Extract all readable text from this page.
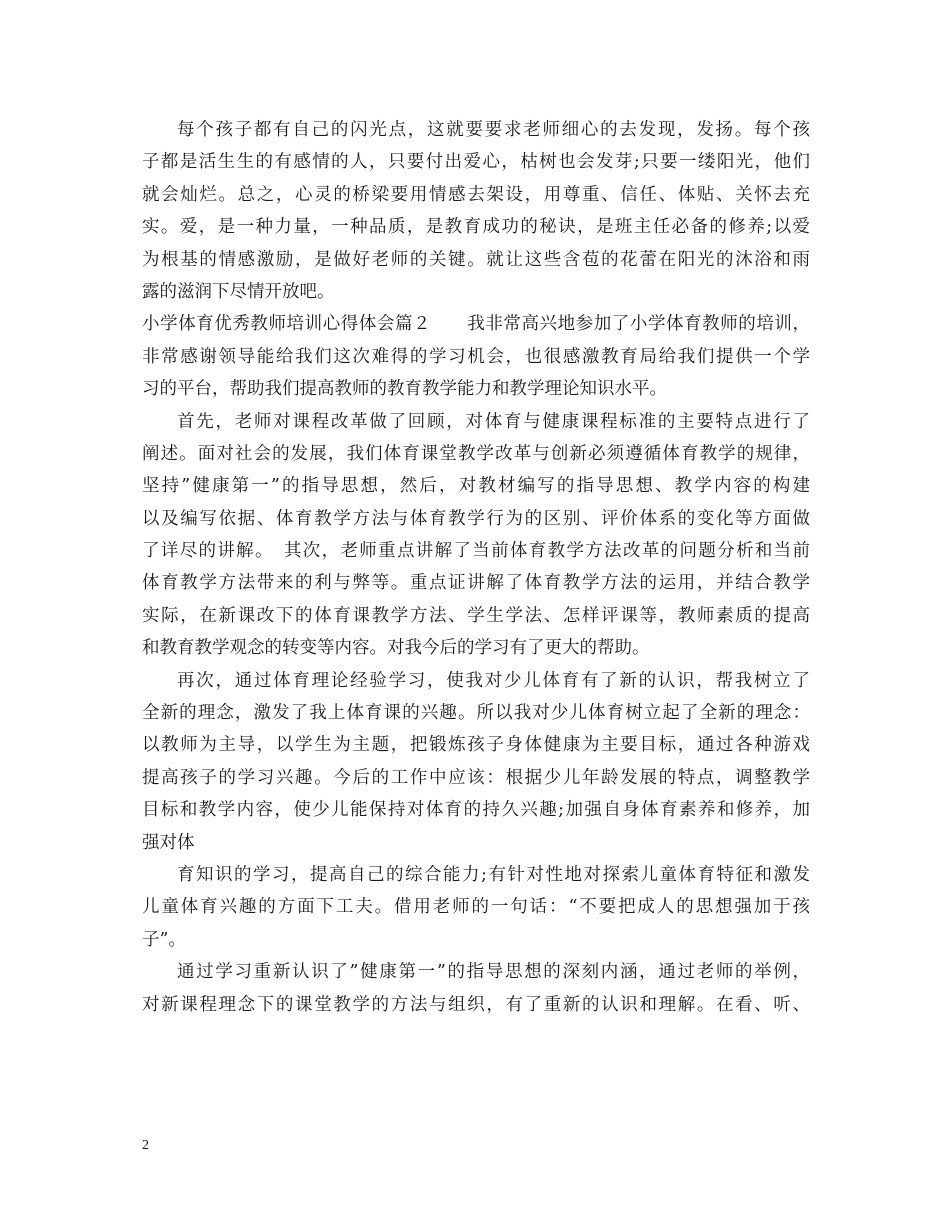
每个孩子都有自己的闪光点，这就要要求老师细心的去发现，发扬。每个孩
子都是活生生的有感情的人，只要付出爱心，枯树也会发芽;只要一缕阳光，他们
就会灿烂。总之，心灵的桥梁要用情感去架设，用尊重、信任、体贴、关怀去充
实。爱，是一种力量，一种品质，是教育成功的秘诀，是班主任必备的修养;以爱
为根基的情感激励，是做好老师的关键。就让这些含苞的花蕾在阳光的沐浴和雨
露的滋润下尽情开放吧。
小学体育优秀教师培训心得体会篇２　　我非常高兴地参加了小学体育教师的培训，
非常感谢领导能给我们这次难得的学习机会，也很感激教育局给我们提供一个学
习的平台，帮助我们提高教师的教育教学能力和教学理论知识水平。
首先，老师对课程改革做了回顾，对体育与健康课程标准的主要特点进行了
阐述。面对社会的发展，我们体育课堂教学改革与创新必须遵循体育教学的规律，
坚持”健康第一”的指导思想，然后，对教材编写的指导思想、教学内容的构建
以及编写依据、体育教学方法与体育教学行为的区别、评价体系的变化等方面做
了详尽的讲解。　其次，老师重点讲解了当前体育教学方法改革的问题分析和当前
体育教学方法带来的利与弊等。重点证讲解了体育教学方法的运用，并结合教学
实际，在新课改下的体育课教学方法、学生学法、怎样评课等，教师素质的提高
和教育教学观念的转变等内容。对我今后的学习有了更大的帮助。
再次，通过体育理论经验学习，使我对少儿体育有了新的认识，帮我树立了
全新的理念，激发了我上体育课的兴趣。所以我对少儿体育树立起了全新的理念：
以教师为主导，以学生为主题，把锻炼孩子身体健康为主要目标，通过各种游戏
提高孩子的学习兴趣。今后的工作中应该：根据少儿年龄发展的特点，调整教学
目标和教学内容，使少儿能保持对体育的持久兴趣;加强自身体育素养和修养，加
强对体
育知识的学习，提高自己的综合能力;有针对性地对探索儿童体育特征和激发
儿童体育兴趣的方面下工夫。借用老师的一句话：“不要把成人的思想强加于孩
子”。
通过学习重新认识了”健康第一”的指导思想的深刻内涵，通过老师的举例，
对新课程理念下的课堂教学的方法与组织，有了重新的认识和理解。在看、听、
2
